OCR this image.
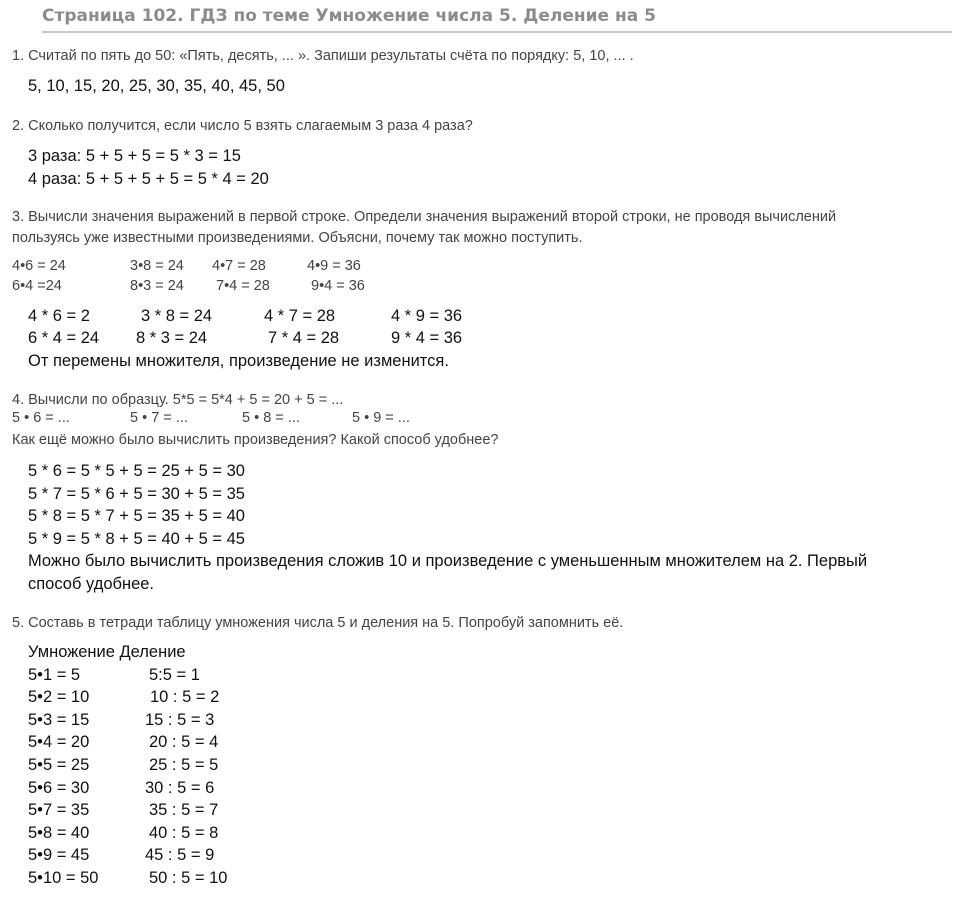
Страница 102. ГДЗ по теме Умножение числа 5. Деление на 5
1. Считай по пять до 50: «Пять, десять, ... ». Запиши результаты счёта по порядку: 5, 10, ... .
5, 10, 15, 20, 25, 30, 35, 40, 45, 50
2. Сколько получится, если число 5 взять слагаемым 3 раза 4 раза?
3 раза: 5 + 5 + 5 = 5 * 3 = 15
4 раза: 5 + 5 + 5 + 5 = 5 * 4 = 20
3. Вычисли значения выражений в первой строке. Определи значения выражений второй строки, не проводя вычислений
пользуясь уже известными произведениями. Объясни, почему так можно поступить.
4•6 = 24	3•8 = 24 4•7 = 28	4•9 = 36
6•4 =24	8•3 = 24 7•4 = 28	9•4 = 36
4 * 6 = 2	3 * 8 = 24	4 * 7 = 28	4 * 9 = 36
6 * 4 = 24 8 * 3 = 24	7 * 4 = 28	9 * 4 = 36
От перемены множителя, произведение не изменится.
4. Вычисли по образцу. 5*5 = 5*4 + 5 = 20 + 5 = ...
5 • 6 = ...	5 • 7 = ...	5 • 8 = ...	5 • 9 = ...
Как ещё можно было вычислить произведения? Какой способ удобнее?
5 * 6 = 5 * 5 + 5 = 25 + 5 = 30
5 * 7 = 5 * 6 + 5 = 30 + 5 = 35
5 * 8 = 5 * 7 + 5 = 35 + 5 = 40
5 * 9 = 5 * 8 + 5 = 40 + 5 = 45
Можно было вычислить произведения сложив 10 и произведение с уменьшенным множителем на 2. Первый
способ удобнее.
5. Составь в тетради таблицу умножения числа 5 и деления на 5. Попробуй запомнить её.
Умножение Деление
5•1 = 5	5:5 = 1
5•2 = 10	10 : 5 = 2
5•3 = 15	15 : 5 = 3
5•4 = 20	20 : 5 = 4
5•5 = 25	25 : 5 = 5
5•6 = 30	30 : 5 = 6
5•7 = 35	35 : 5 = 7
5•8 = 40	40 : 5 = 8
5•9 = 45	45 : 5 = 9
5•10 = 50	50 : 5 = 10
